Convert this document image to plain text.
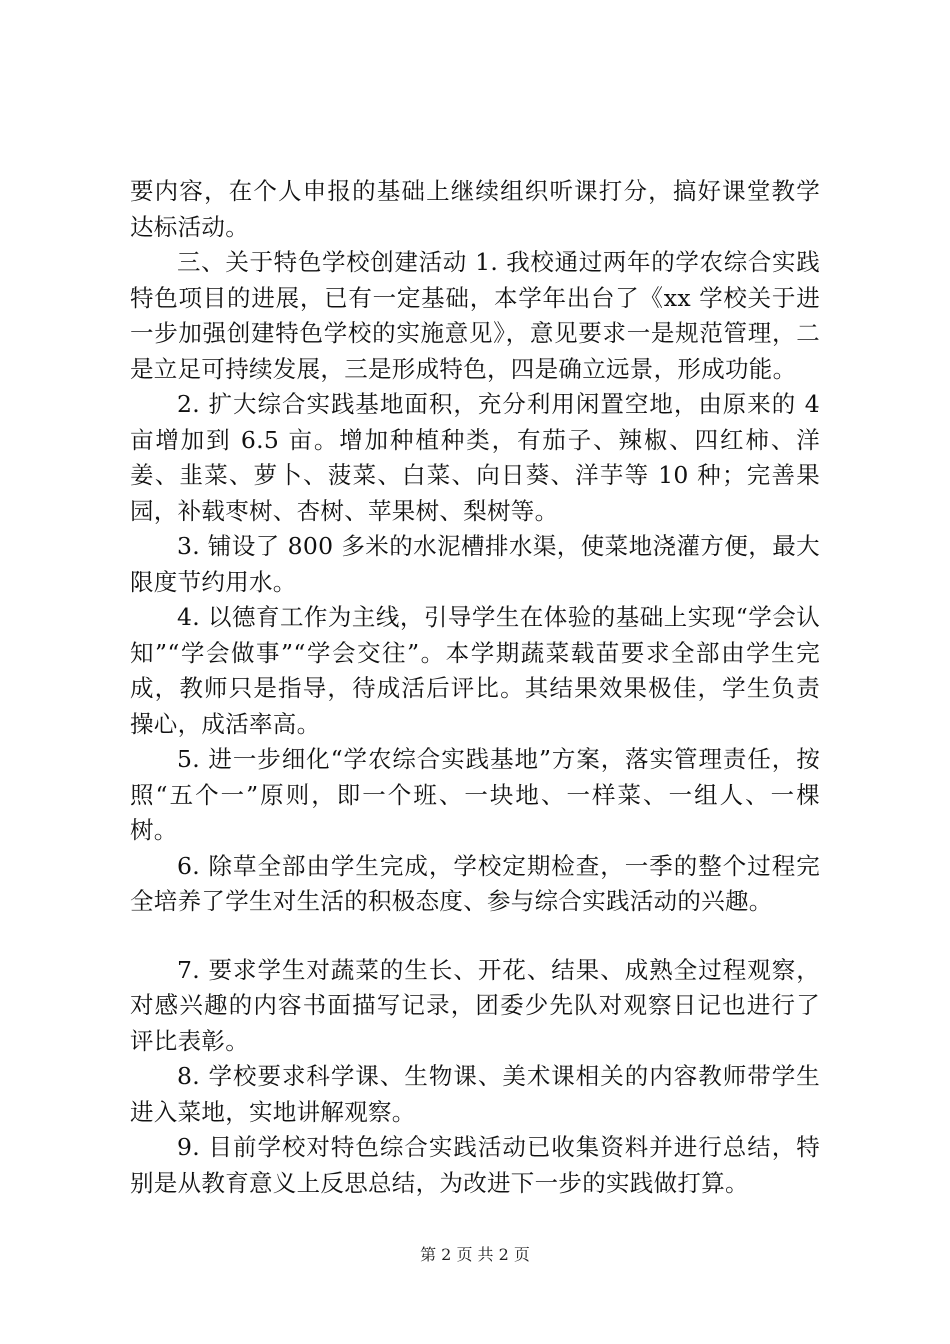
要内容，在个人申报的基础上继续组织听课打分，搞好课堂教学达标活动。

三、关于特色学校创建活动 1. 我校通过两年的学农综合实践特色项目的进展，已有一定基础，本学年出台了《xx 学校关于进一步加强创建特色学校的实施意见》，意见要求一是规范管理，二是立足可持续发展，三是形成特色，四是确立远景，形成功能。

2. 扩大综合实践基地面积，充分利用闲置空地，由原来的 4 亩增加到 6.5 亩。增加种植种类，有茄子、辣椒、四红柿、洋姜、韭菜、萝卜、菠菜、白菜、向日葵、洋芋等 10 种；完善果园，补载枣树、杏树、苹果树、梨树等。

3. 铺设了 800 多米的水泥槽排水渠，使菜地浇灌方便，最大限度节约用水。

4. 以德育工作为主线，引导学生在体验的基础上实现“学会认知”“学会做事”“学会交往”。本学期蔬菜载苗要求全部由学生完成，教师只是指导，待成活后评比。其结果效果极佳，学生负责操心，成活率高。

5. 进一步细化“学农综合实践基地”方案，落实管理责任，按照“五个一”原则，即一个班、一块地、一样菜、一组人、一棵树。

6. 除草全部由学生完成，学校定期检查，一季的整个过程完全培养了学生对生活的积极态度、参与综合实践活动的兴趣。

7. 要求学生对蔬菜的生长、开花、结果、成熟全过程观察，对感兴趣的内容书面描写记录，团委少先队对观察日记也进行了评比表彰。

8. 学校要求科学课、生物课、美术课相关的内容教师带学生进入菜地，实地讲解观察。

9. 目前学校对特色综合实践活动已收集资料并进行总结，特别是从教育意义上反思总结，为改进下一步的实践做打算。

第 2 页 共 2 页
